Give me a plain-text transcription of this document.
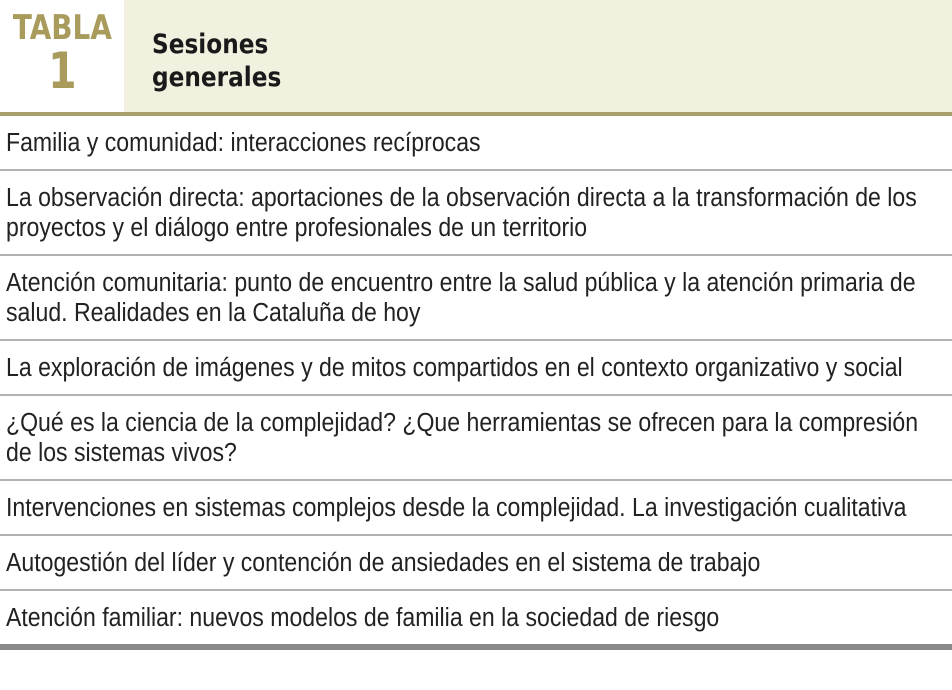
TABLA
1	Sesiones
generales
Familia y comunidad: interacciones recíprocas
La observación directa: aportaciones de la observación directa a la transformación de los proyectos y el diálogo entre profesionales de un territorio
Atención comunitaria: punto de encuentro entre la salud pública y la atención primaria de salud. Realidades en la Cataluña de hoy
La exploración de imágenes y de mitos compartidos en el contexto organizativo y social
¿Qué es la ciencia de la complejidad? ¿Que herramientas se ofrecen para la compresión de los sistemas vivos?
Intervenciones en sistemas complejos desde la complejidad. La investigación cualitativa
Autogestión del líder y contención de ansiedades en el sistema de trabajo
Atención familiar: nuevos modelos de familia en la sociedad de riesgo
